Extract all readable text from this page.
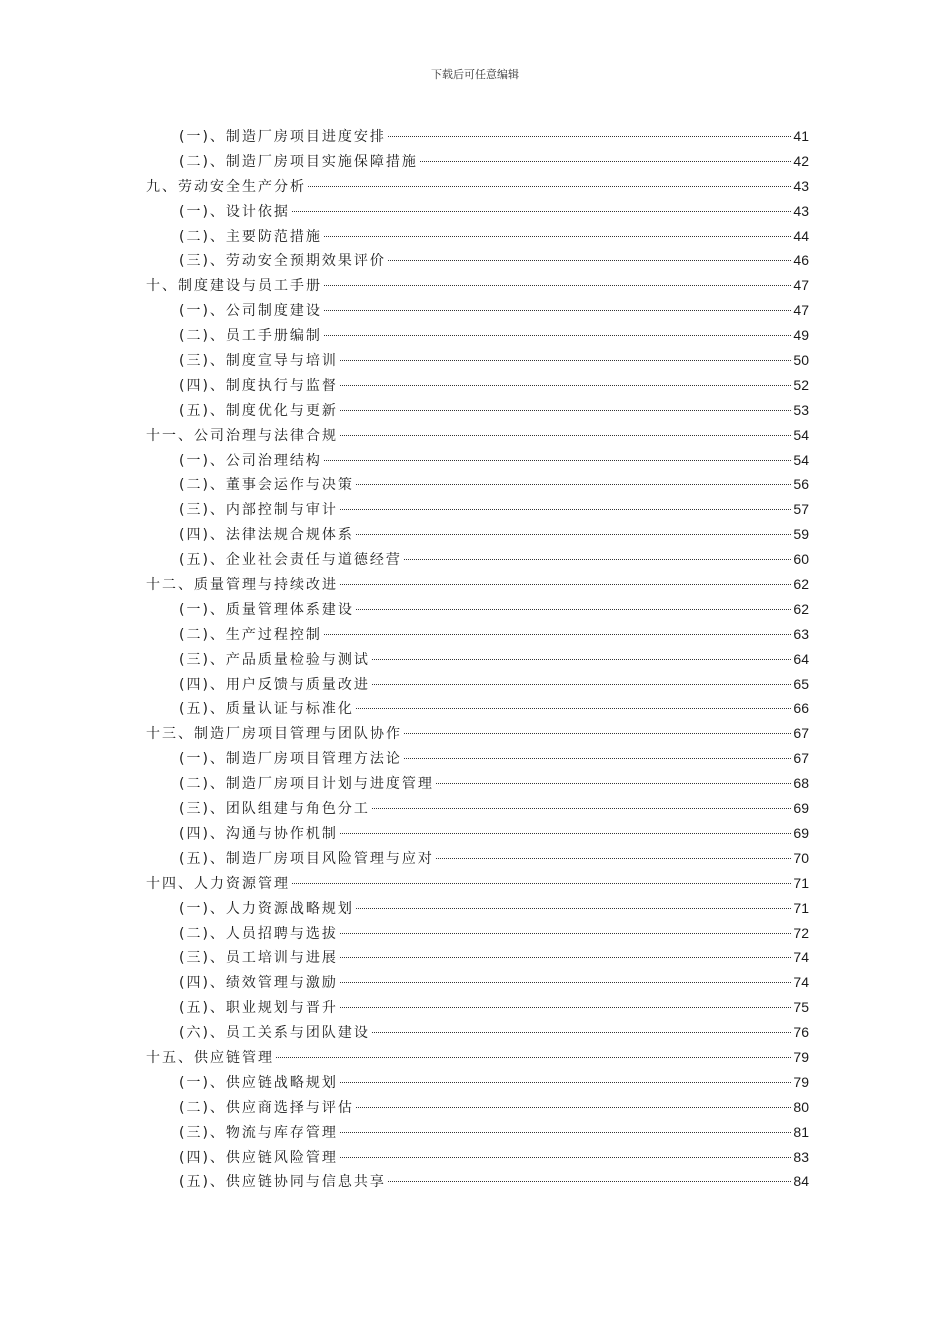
下载后可任意编辑
(一)、制造厂房项目进度安排	41
(二)、制造厂房项目实施保障措施	42
九、劳动安全生产分析	43
(一)、设计依据	43
(二)、主要防范措施	44
(三)、劳动安全预期效果评价	46
十、制度建设与员工手册	47
(一)、公司制度建设	47
(二)、员工手册编制	49
(三)、制度宣导与培训	50
(四)、制度执行与监督	52
(五)、制度优化与更新	53
十一、公司治理与法律合规	54
(一)、公司治理结构	54
(二)、董事会运作与决策	56
(三)、内部控制与审计	57
(四)、法律法规合规体系	59
(五)、企业社会责任与道德经营	60
十二、质量管理与持续改进	62
(一)、质量管理体系建设	62
(二)、生产过程控制	63
(三)、产品质量检验与测试	64
(四)、用户反馈与质量改进	65
(五)、质量认证与标准化	66
十三、制造厂房项目管理与团队协作	67
(一)、制造厂房项目管理方法论	67
(二)、制造厂房项目计划与进度管理	68
(三)、团队组建与角色分工	69
(四)、沟通与协作机制	69
(五)、制造厂房项目风险管理与应对	70
十四、人力资源管理	71
(一)、人力资源战略规划	71
(二)、人员招聘与选拔	72
(三)、员工培训与进展	74
(四)、绩效管理与激励	74
(五)、职业规划与晋升	75
(六)、员工关系与团队建设	76
十五、供应链管理	79
(一)、供应链战略规划	79
(二)、供应商选择与评估	80
(三)、物流与库存管理	81
(四)、供应链风险管理	83
(五)、供应链协同与信息共享	84
